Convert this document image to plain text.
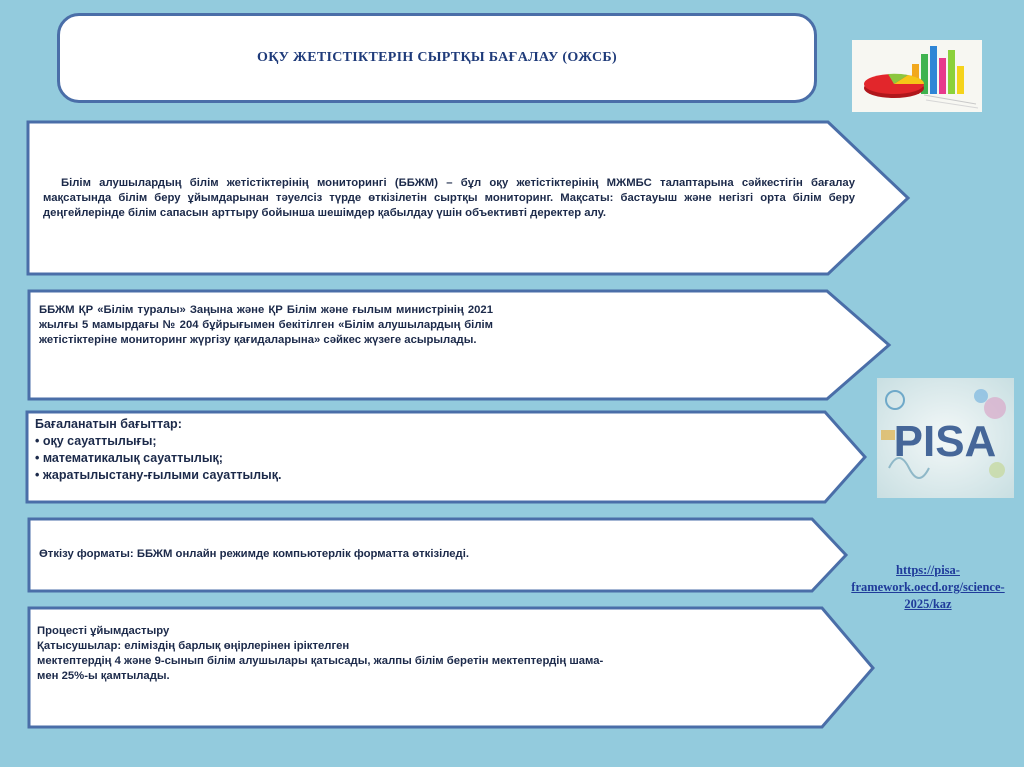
ОҚУ ЖЕТІСТІКТЕРІН СЫРТҚЫ БАҒАЛАУ (ОЖСБ)
Білім алушылардың білім жетістіктерінің мониторингі (ББЖМ) – бұл оқу жетістіктерінің МЖМБС талаптарына сәйкестігін бағалау мақсатында білім беру ұйымдарынан тәуелсіз түрде өткізілетін сыртқы мониторинг. Мақсаты: бастауыш және негізгі орта білім беру деңгейлерінде білім сапасын арттыру бойынша шешімдер қабылдау үшін объективті деректер алу.
ББЖМ ҚР «Білім туралы» Заңына және ҚР Білім және ғылым министрінің 2021 жылғы 5 мамырдағы № 204 бұйрығымен бекітілген «Білім алушылардың білім жетістіктеріне мониторинг жүргізу қағидаларына» сәйкес жүзеге асырылады.
Бағаланатын бағыттар:
• оқу сауаттылығы;
• математикалық сауаттылық;
• жаратылыстану-ғылыми сауаттылық.
PISA
Өткізу форматы: ББЖМ онлайн режимде компьютерлік форматта өткізіледі.
https://pisa-
framework.oecd.org/science-
2025/kaz
Процесті ұйымдастыру
Қатысушылар: еліміздің барлық өңірлерінен іріктелген
мектептердің 4 және 9-сынып білім алушылары қатысады, жалпы білім беретін мектептердің шама-
мен 25%-ы қамтылады.
